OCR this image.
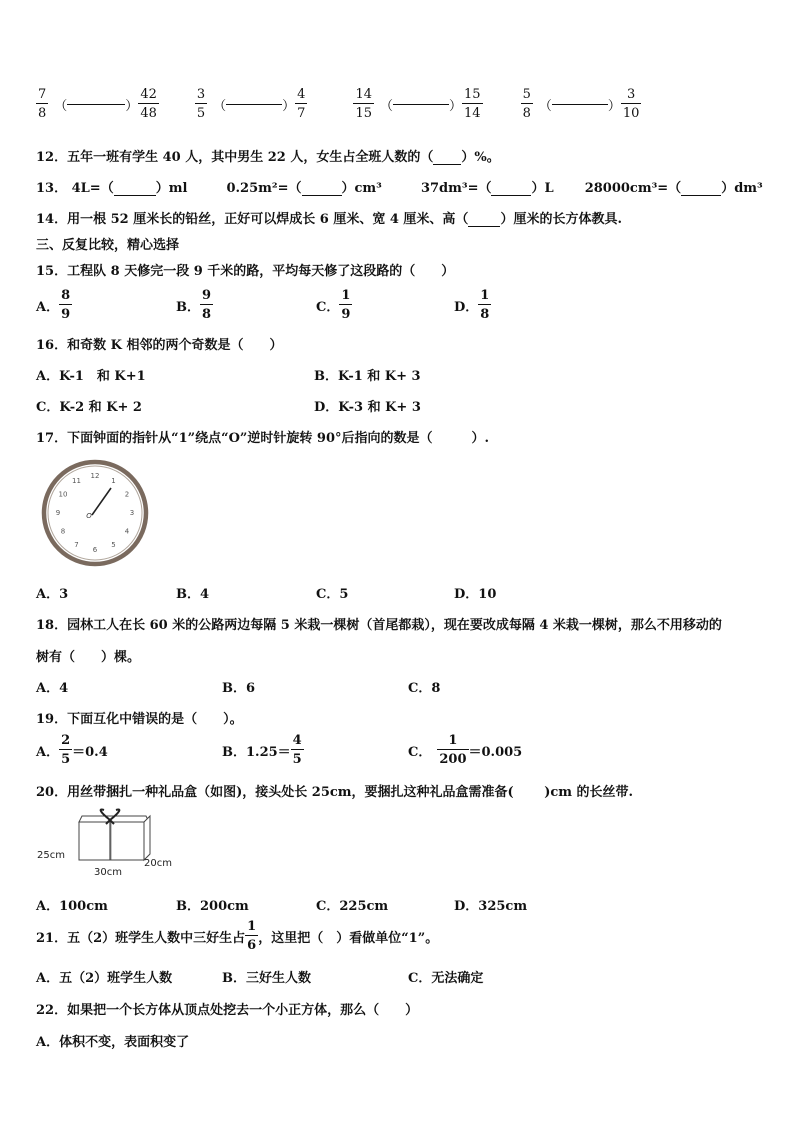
$\frac{7}{8}$ （	） $\frac{42}{48}$	$\frac{3}{5}$ （	） $\frac{4}{7}$	$\frac{14}{15}$ （	） $\frac{15}{14}$	$\frac{5}{8}$ （	） $\frac{3}{10}$
12．五年一班有学生 40 人，其中男生 22 人，女生占全班人数的（ ）%。
13． 4L=（	）ml	0.25m²=（	）cm³	37dm³=（	）L 28000cm³=（	）dm³
14．用一根 52 厘米长的铅丝，正好可以焊成长 6 厘米、宽 4 厘米、高（ ）厘米的长方体教具.
三、反复比较，精心选择
15．工程队 8 天修完一段 9 千米的路，平均每天修了这段路的（　　）
A． $\frac{8}{9}$	B． $\frac{9}{8}$	C． $\frac{1}{9}$	D． $\frac{1}{8}$
16．和奇数 K 相邻的两个奇数是（　　）
A．K-1　和 K+1	B．K-1 和 K+ 3
C．K-2 和 K+ 2	D．K-3 和 K+ 3
17．下面钟面的指针从“1”绕点“O”逆时针旋转 90°后指向的数是（　　　）.
12
1
2
3
4
5
6
7
8
9
10
11
O
A．3	B．4	C．5	D．10
18．园林工人在长 60 米的公路两边每隔 5 米栽一棵树（首尾都栽），现在要改成每隔 4 米栽一棵树，那么不用移动的
树有（　　）棵。
A．4	B．6	C．8
19．下面互化中错误的是（　　）。
A． $\frac{2}{5} =0.4$	B． $1.25= \frac{4}{5}$	C． $\frac{1}{200} =0.005$
20．用丝带捆扎一种礼品盒（如图)，接头处长 25cm，要捆扎这种礼品盒需准备(　　 )cm 的长丝带.
25cm
30cm
20cm
A．100cm	B．200cm	C．225cm	D．325cm
21．五（2）班学生人数中三好生占 $\frac{1}{6}$ ，这里把（　）看做单位“1”。
A．五（2）班学生人数	B．三好生人数	C．无法确定
22．如果把一个长方体从顶点处挖去一个小正方体，那么（　　）
A．体积不变，表面积变了
